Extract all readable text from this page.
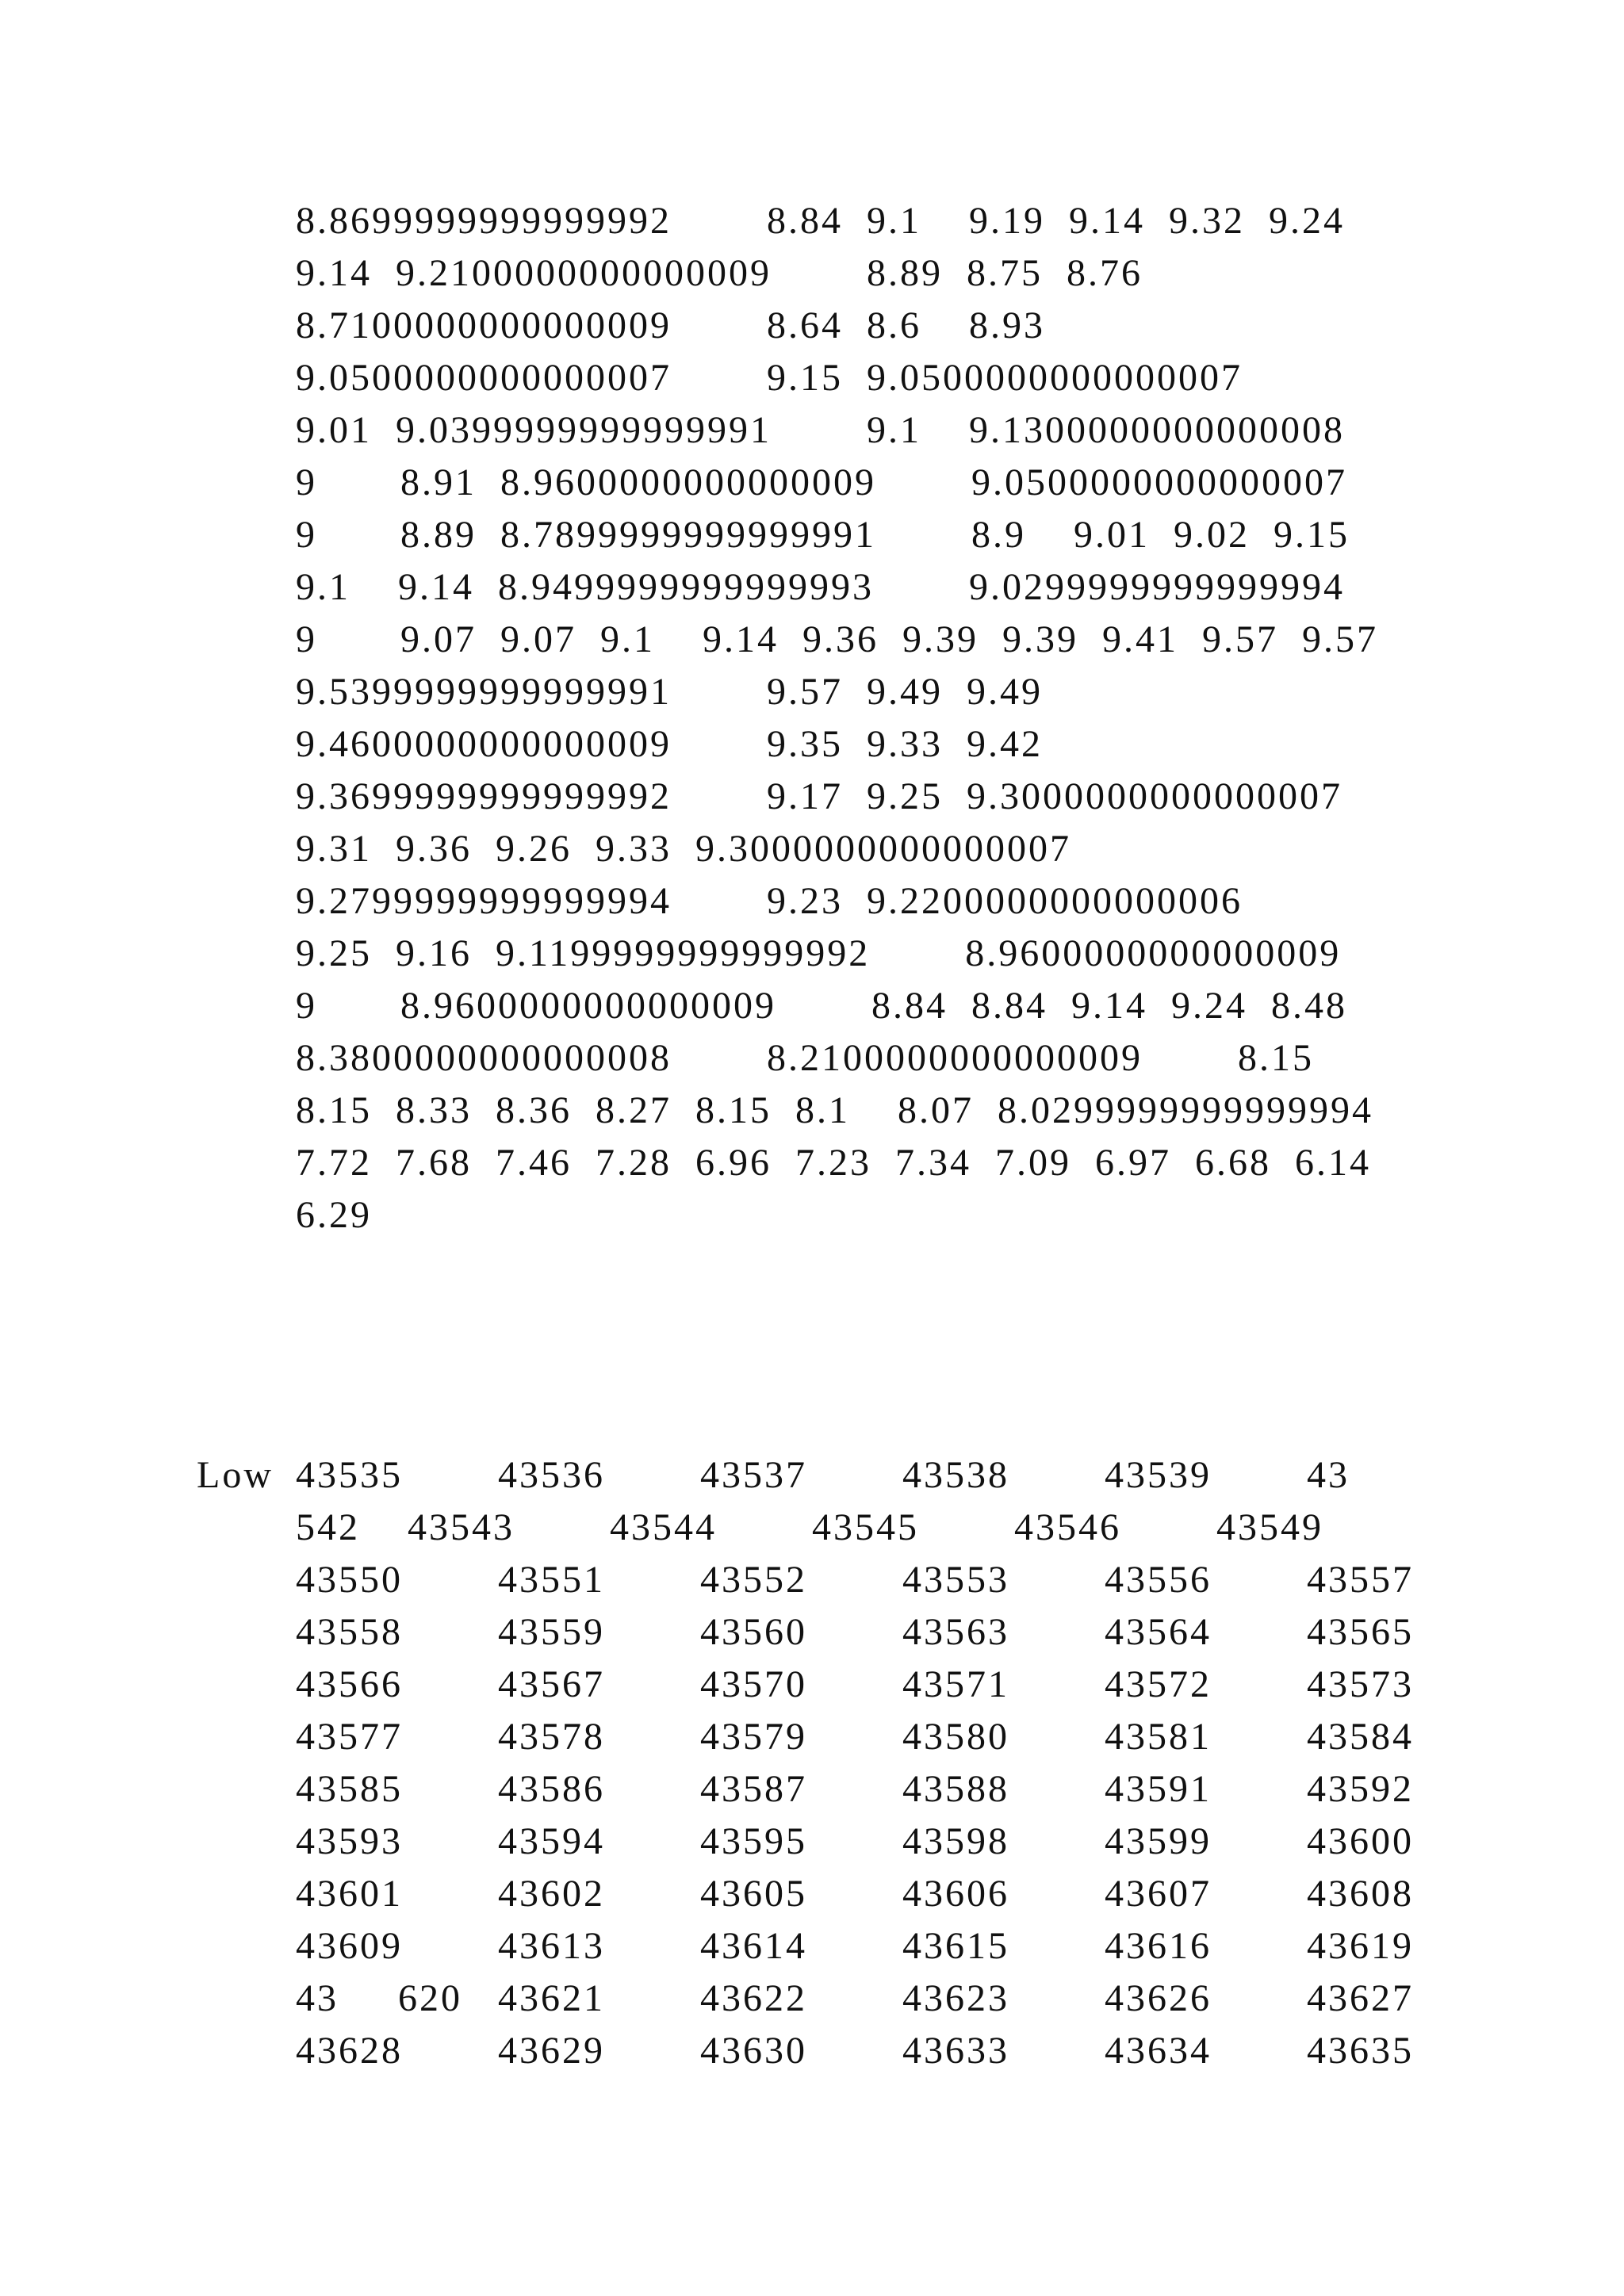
8.8699999999999992        8.84  9.1    9.19  9.14  9.32  9.24
9.14  9.2100000000000009        8.89  8.75  8.76
8.7100000000000009        8.64  8.6    8.93
9.0500000000000007        9.15  9.0500000000000007
9.01  9.0399999999999991        9.1    9.1300000000000008
9       8.91  8.9600000000000009        9.0500000000000007
9       8.89  8.7899999999999991        8.9    9.01  9.02  9.15
9.1    9.14  8.9499999999999993        9.0299999999999994
9       9.07  9.07  9.1    9.14  9.36  9.39  9.39  9.41  9.57  9.57
9.5399999999999991        9.57  9.49  9.49
9.4600000000000009        9.35  9.33  9.42
9.3699999999999992        9.17  9.25  9.3000000000000007
9.31  9.36  9.26  9.33  9.3000000000000007
9.2799999999999994        9.23  9.2200000000000006
9.25  9.16  9.1199999999999992        8.9600000000000009
9       8.9600000000000009        8.84  8.84  9.14  9.24  8.48
8.3800000000000008        8.2100000000000009        8.15
8.15  8.33  8.36  8.27  8.15  8.1    8.07  8.0299999999999994
7.72  7.68  7.46  7.28  6.96  7.23  7.34  7.09  6.97  6.68  6.14
6.29
Low 43535        43536        43537        43538        43539        43
542    43543        43544        43545        43546        43549
43550        43551        43552        43553        43556        43557
43558        43559        43560        43563        43564        43565
43566        43567        43570        43571        43572        43573
43577        43578        43579        43580        43581        43584
43585        43586        43587        43588        43591        43592
43593        43594        43595        43598        43599        43600
43601        43602        43605        43606        43607        43608
43609        43613        43614        43615        43616        43619
43     620   43621        43622        43623        43626        43627
43628        43629        43630        43633        43634        43635
